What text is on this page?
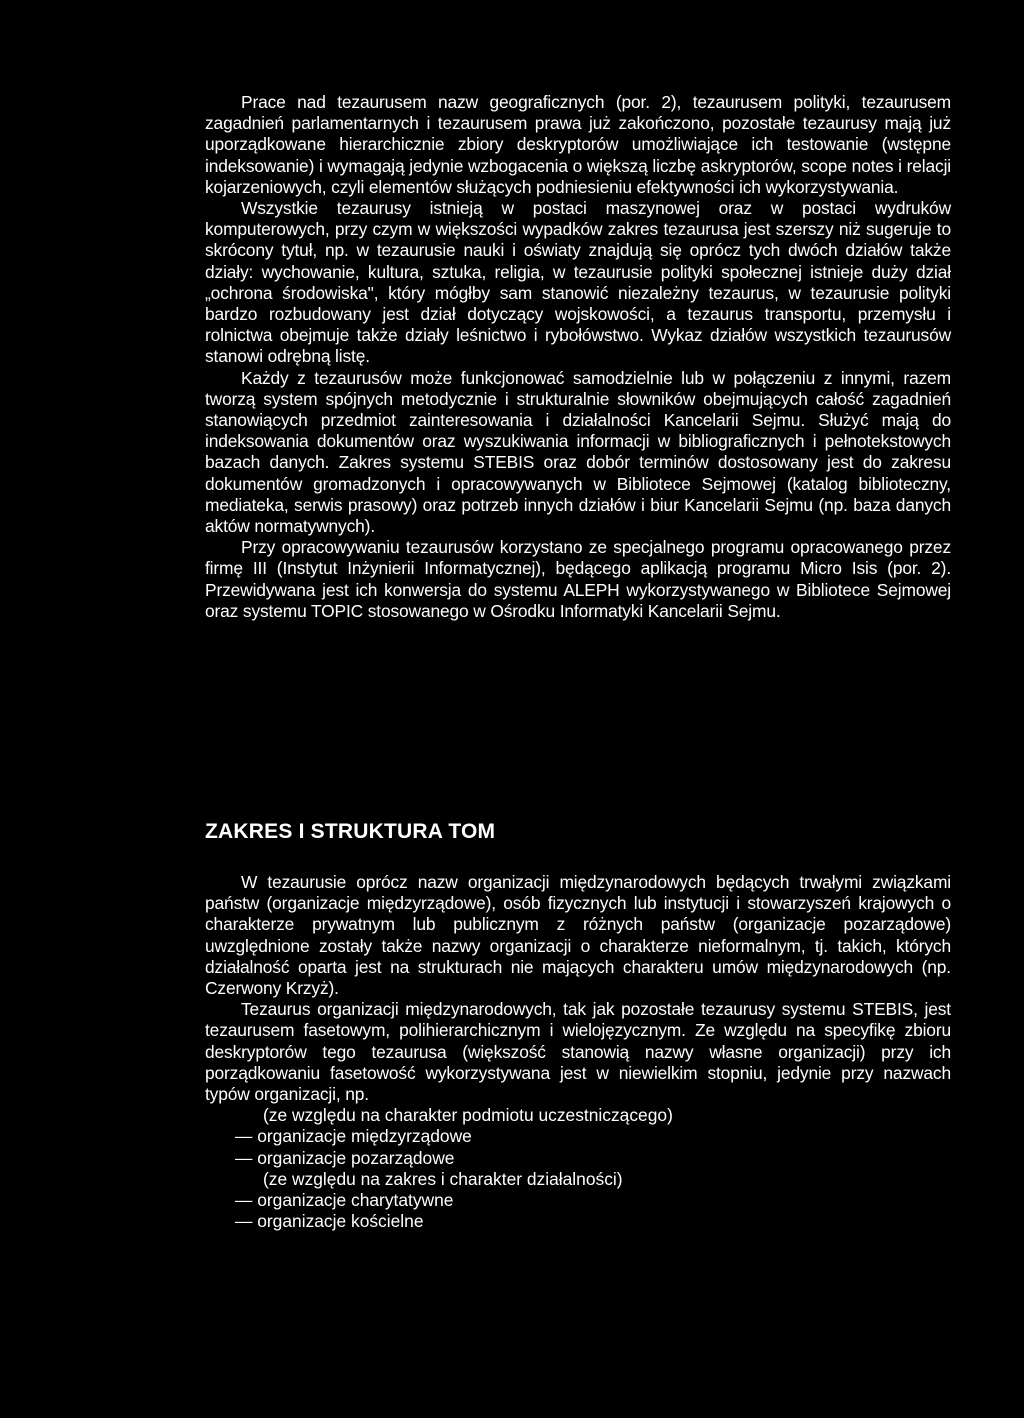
Prace nad tezaurusem nazw geograficznych (por. 2), tezaurusem polityki, tezaurusem zagadnień parlamentarnych i tezaurusem prawa już zakończono, pozostałe tezaurusy mają już uporządkowane hierarchicznie zbiory deskryptorów umożliwiające ich testowanie (wstępne indeksowanie) i wymagają jedynie wzbogacenia o większą liczbę askryptorów, scope notes i relacji kojarzeniowych, czyli elementów służących podniesieniu efektywności ich wykorzystywania.

Wszystkie tezaurusy istnieją w postaci maszynowej oraz w postaci wydruków komputerowych, przy czym w większości wypadków zakres tezaurusa jest szerszy niż sugeruje to skrócony tytuł, np. w tezaurusie nauki i oświaty znajdują się oprócz tych dwóch działów także działy: wychowanie, kultura, sztuka, religia, w tezaurusie polityki społecznej istnieje duży dział „ochrona środowiska", który mógłby sam stanowić niezależny tezaurus, w tezaurusie polityki bardzo rozbudowany jest dział dotyczący wojskowości, a tezaurus transportu, przemysłu i rolnictwa obejmuje także działy leśnictwo i rybołówstwo. Wykaz działów wszystkich tezaurusów stanowi odrębną listę.

Każdy z tezaurusów może funkcjonować samodzielnie lub w połączeniu z innymi, razem tworzą system spójnych metodycznie i strukturalnie słowników obejmujących całość zagadnień stanowiących przedmiot zainteresowania i działalności Kancelarii Sejmu. Służyć mają do indeksowania dokumentów oraz wyszukiwania informacji w bibliograficznych i pełnotekstowych bazach danych. Zakres systemu STEBIS oraz dobór terminów dostosowany jest do zakresu dokumentów gromadzonych i opracowywanych w Bibliotece Sejmowej (katalog biblioteczny, mediateka, serwis prasowy) oraz potrzeb innych działów i biur Kancelarii Sejmu (np. baza danych aktów normatywnych).

Przy opracowywaniu tezaurusów korzystano ze specjalnego programu opracowanego przez firmę III (Instytut Inżynierii Informatycznej), będącego aplikacją programu Micro Isis (por. 2). Przewidywana jest ich konwersja do systemu ALEPH wykorzystywanego w Bibliotece Sejmowej oraz systemu TOPIC stosowanego w Ośrodku Informatyki Kancelarii Sejmu.

ZAKRES I STRUKTURA TOM

W tezaurusie oprócz nazw organizacji międzynarodowych będących trwałymi związkami państw (organizacje międzyrządowe), osób fizycznych lub instytucji i stowarzyszeń krajowych o charakterze prywatnym lub publicznym z różnych państw (organizacje pozarządowe) uwzględnione zostały także nazwy organizacji o charakterze nieformalnym, tj. takich, których działalność oparta jest na strukturach nie mających charakteru umów międzynarodowych (np. Czerwony Krzyż).

Tezaurus organizacji międzynarodowych, tak jak pozostałe tezaurusy systemu STEBIS, jest tezaurusem fasetowym, polihierarchicznym i wielojęzycznym. Ze względu na specyfikę zbioru deskryptorów tego tezaurusa (większość stanowią nazwy własne organizacji) przy ich porządkowaniu fasetowość wykorzystywana jest w niewielkim stopniu, jedynie przy nazwach typów organizacji, np.

(ze względu na charakter podmiotu uczestniczącego)

— organizacje międzyrządowe

— organizacje pozarządowe

(ze względu na zakres i charakter działalności)

— organizacje charytatywne

— organizacje kościelne
